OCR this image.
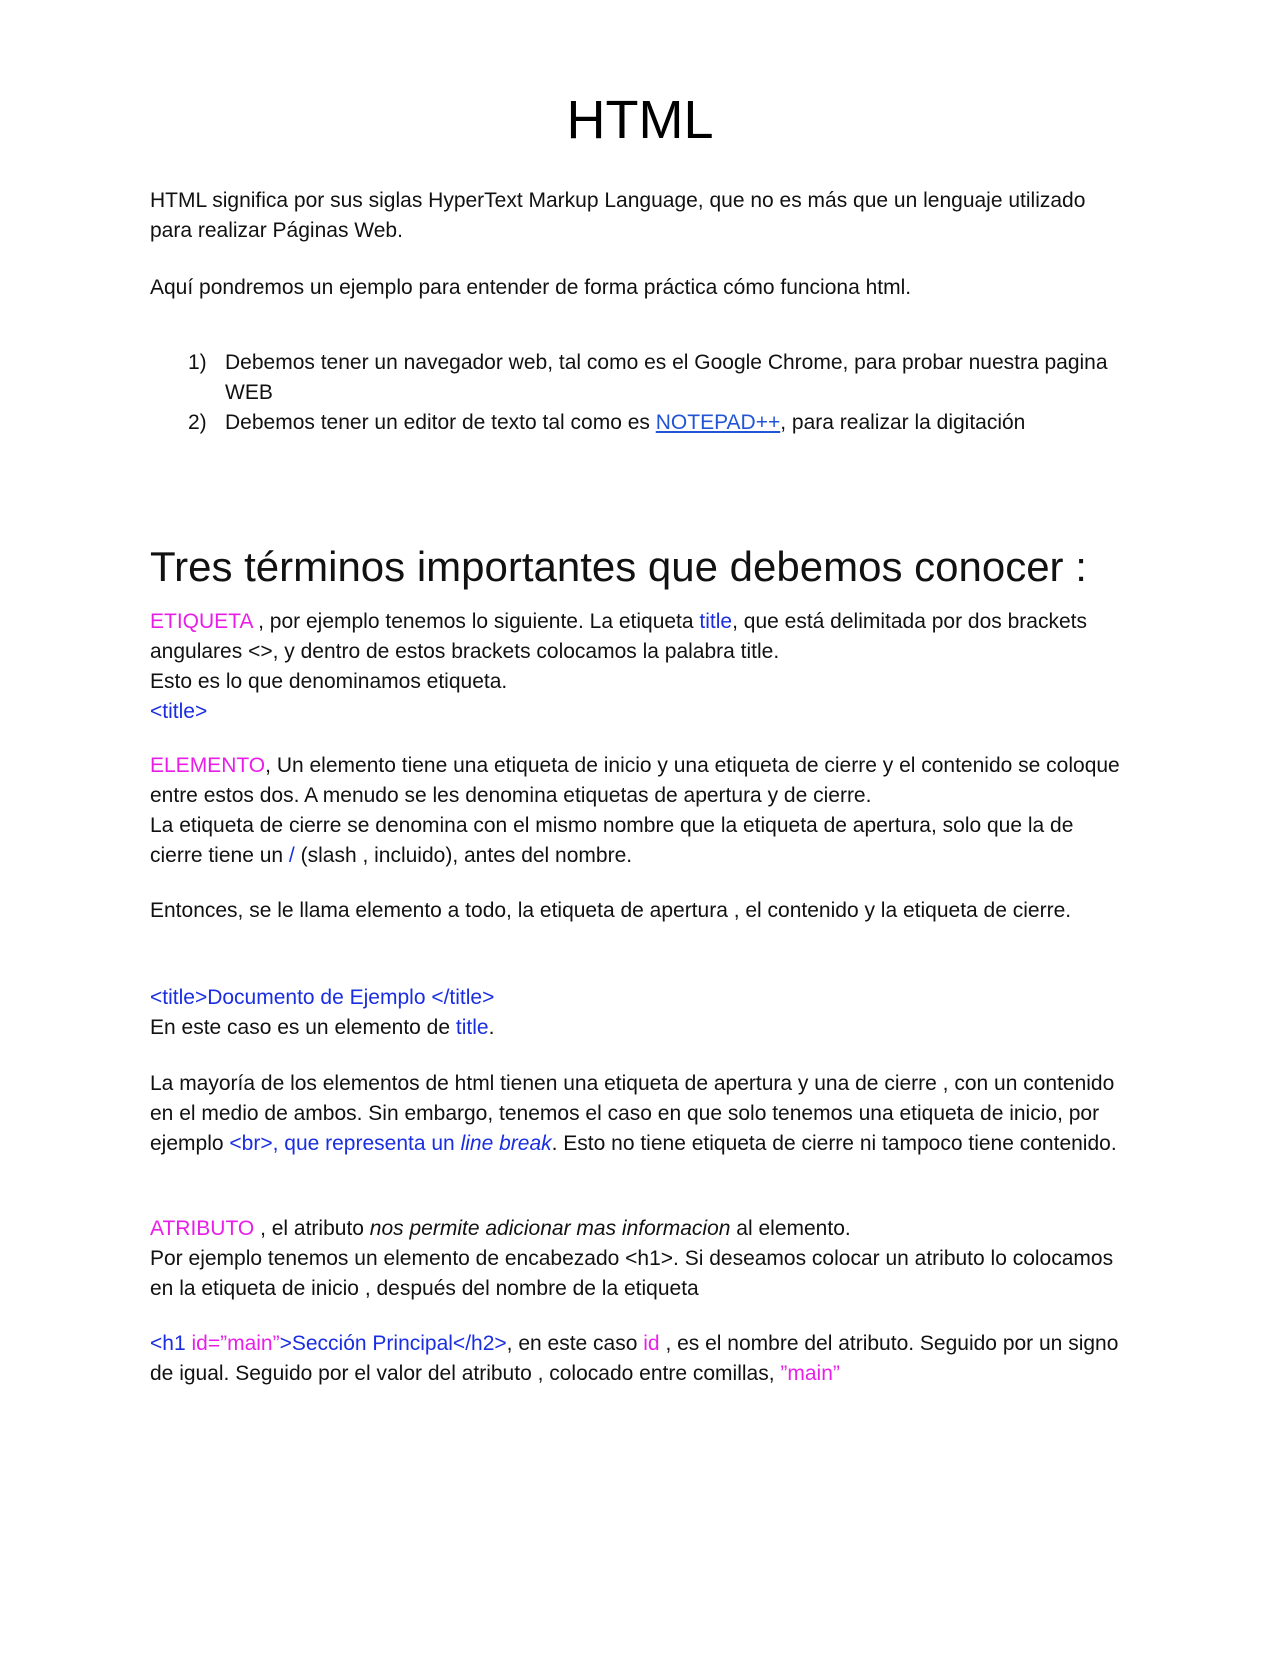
HTML

HTML significa por sus siglas HyperText Markup Language, que no es más que un lenguaje utilizado para realizar Páginas Web.

Aquí pondremos un ejemplo para entender de forma práctica cómo funciona html.

1) Debemos tener un navegador web, tal como es el Google Chrome, para probar nuestra pagina WEB
2) Debemos tener un editor de texto tal como es NOTEPAD++, para realizar la digitación
Tres términos importantes que debemos conocer :

ETIQUETA , por ejemplo tenemos lo siguiente. La etiqueta title, que está delimitada por dos brackets angulares <>, y dentro de estos brackets colocamos la palabra title.
Esto es lo que denominamos etiqueta.
<title>

ELEMENTO, Un elemento tiene una etiqueta de inicio y una etiqueta de cierre y el contenido se coloque entre estos dos. A menudo se les denomina etiquetas de apertura y de cierre.
La etiqueta de cierre se denomina con el mismo nombre que la etiqueta de apertura, solo que la de cierre tiene un / (slash , incluido), antes del nombre.

Entonces, se le llama elemento a todo, la etiqueta de apertura , el contenido y la etiqueta de cierre.

<title>Documento de Ejemplo </title>
En este caso es un elemento de title.

La mayoría de los elementos de html tienen una etiqueta de apertura y una de cierre , con un contenido en el medio de ambos. Sin embargo, tenemos el caso en que solo tenemos una etiqueta de inicio, por ejemplo <br>, que representa un line break. Esto no tiene etiqueta de cierre ni tampoco tiene contenido.

ATRIBUTO , el atributo nos permite adicionar mas informacion al elemento.
Por ejemplo tenemos un elemento de encabezado <h1>. Si deseamos colocar un atributo lo colocamos en la etiqueta de inicio , después del nombre de la etiqueta

<h1 id=”main”>Sección Principal</h2>, en este caso id , es el nombre del atributo. Seguido por un signo de igual. Seguido por el valor del atributo , colocado entre comillas, ”main”
